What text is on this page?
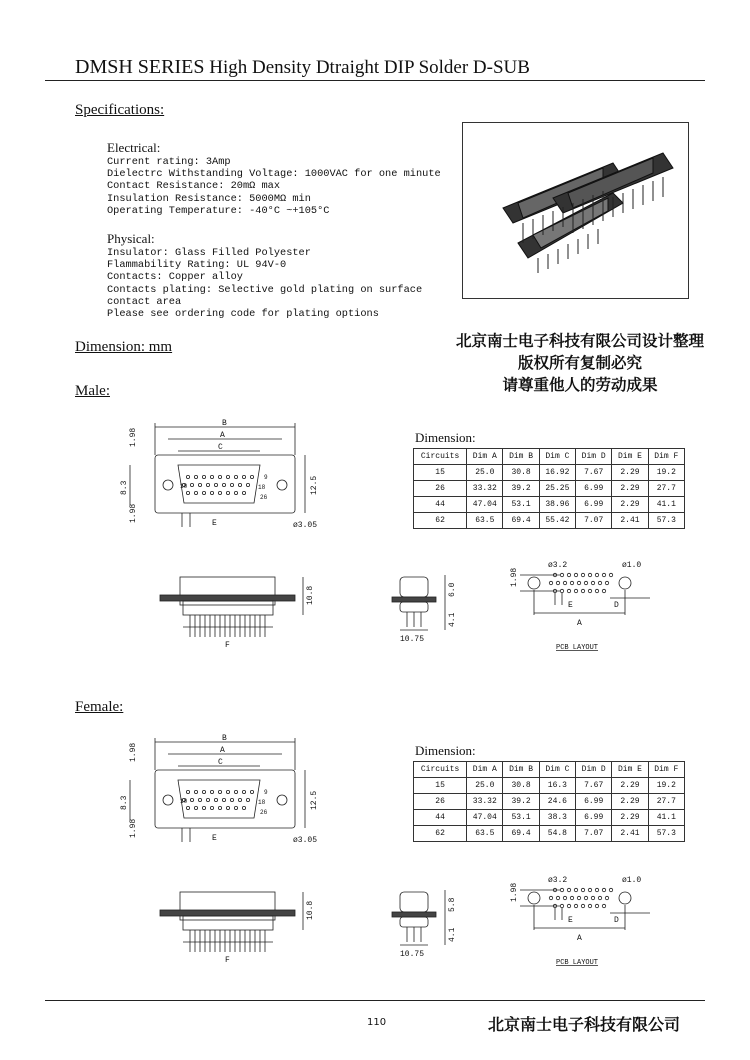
DMSH SERIES High Density Dtraight DIP Solder D-SUB
Specifications:
Electrical:
Current rating: 3Amp
Dielectrc Withstanding Voltage: 1000VAC for one minute
Contact Resistance: 20mΩ max
Insulation Resistance: 5000MΩ min
Operating Temperature: -40°C ~+105°C
Physical:
Insulator: Glass Filled Polyester
Flammability Rating: UL 94V-0
Contacts: Copper alloy
Contacts plating: Selective gold plating on surface
contact area
Please see ordering code for plating options
北京南士电子科技有限公司设计整理
版权所有复制必究
请尊重他人的劳动成果
Dimension: mm
Male:
Female:
B
A
C
E
1.98
1.98
8.3	12.5
ø3.05
9
26
10	18
F
10.8
10.75
6.0
4.1
1.98
ø3.2	ø1.0
E	D
A
PCB LAYOUT
Dimension:
Circuits	Dim A	Dim B	Dim C	Dim D	Dim E	Dim F
15	25.0	30.8	16.92	7.67	2.29	19.2
26	33.32	39.2	25.25	6.99	2.29	27.7
44	47.04	53.1	38.96	6.99	2.29	41.1
62	63.5	69.4	55.42	7.07	2.41	57.3
B
A
C
E
1.98
1.98
8.3	12.5
ø3.05
9
26
10	18
F
10.8
10.75
5.8
4.1
1.98
ø3.2	ø1.0
E	D
A
PCB LAYOUT
Dimension:
Circuits	Dim A	Dim B	Dim C	Dim D	Dim E	Dim F
15	25.0	30.8	16.3	7.67	2.29	19.2
26	33.32	39.2	24.6	6.99	2.29	27.7
44	47.04	53.1	38.3	6.99	2.29	41.1
62	63.5	69.4	54.8	7.07	2.41	57.3
110	北京南士电子科技有限公司
